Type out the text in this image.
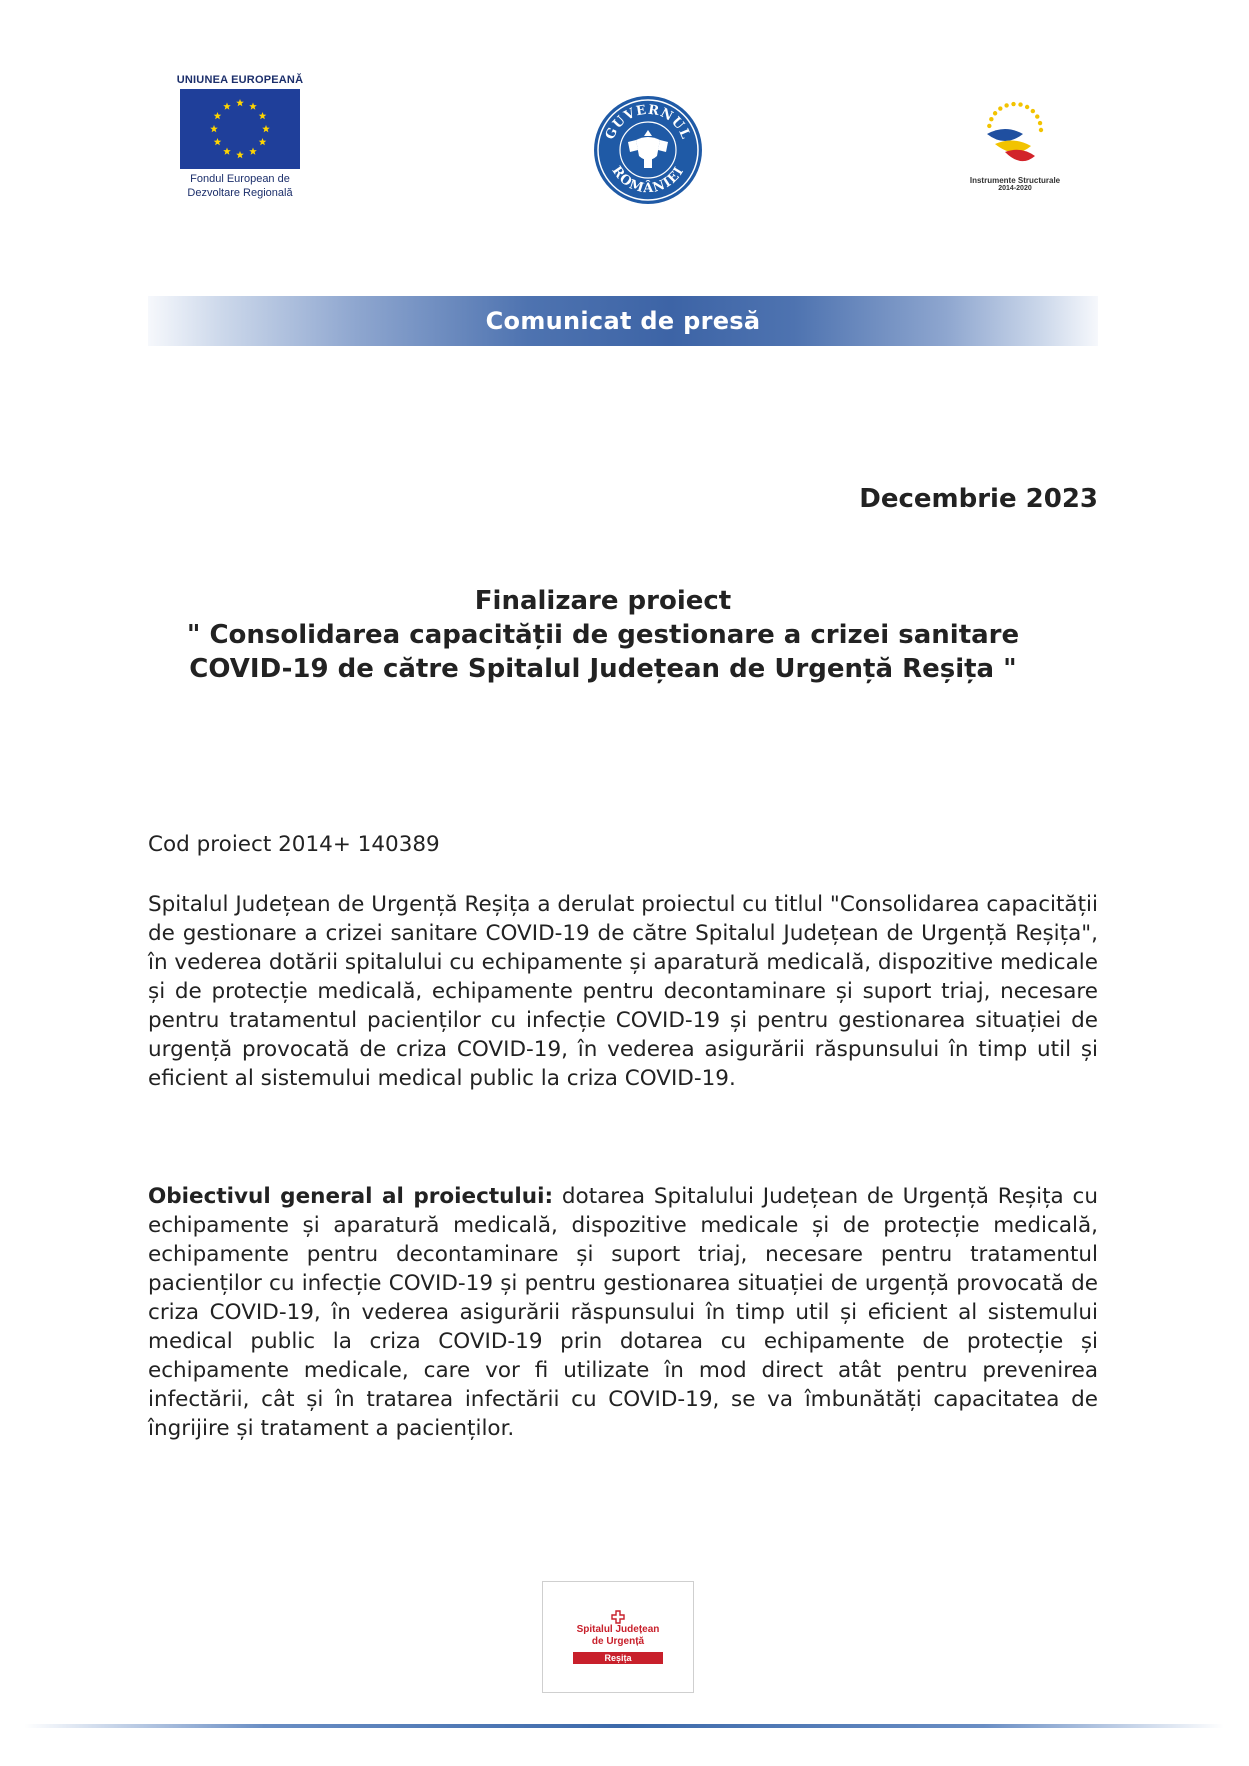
UNIUNEA EUROPEANĂ
Fondul European de
Dezvoltare Regională
GUVERNUL
ROMÂNIEI
Instrumente Structurale
2014-2020
Comunicat de presă
Decembrie 2023
Finalizare proiect
" Consolidarea capacității de gestionare a crizei sanitare
COVID-19 de către Spitalul Județean de Urgență Reșița "
Cod proiect 2014+ 140389

Spitalul Județean de Urgență Reșița a derulat proiectul cu titlul "Consolidarea capacității de gestionare a crizei sanitare COVID-19 de către Spitalul Județean de Urgență Reșița", în vederea dotării spitalului cu echipamente și aparatură medicală, dispozitive medicale și de protecție medicală, echipamente pentru decontaminare și suport triaj, necesare pentru tratamentul pacienților cu infecție COVID-19 și pentru gestionarea situației de urgență provocată de criza COVID-19, în vederea asigurării răspunsului în timp util și eficient al sistemului medical public la criza COVID-19.

Obiectivul general al proiectului: dotarea Spitalului Județean de Urgență Reșița cu echipamente și aparatură medicală, dispozitive medicale și de protecție medicală, echipamente pentru decontaminare și suport triaj, necesare pentru tratamentul pacienților cu infecție COVID-19 și pentru gestionarea situației de urgență provocată de criza COVID-19, în vederea asigurării răspunsului în timp util și eficient al sistemului medical public la criza COVID-19 prin dotarea cu echipamente de protecție și echipamente medicale, care vor fi utilizate în mod direct atât pentru prevenirea infectării, cât și în tratarea infectării cu COVID-19, se va îmbunătăți capacitatea de îngrijire și tratament a pacienților.

Spitalul Județean
de Urgență
Reșița
